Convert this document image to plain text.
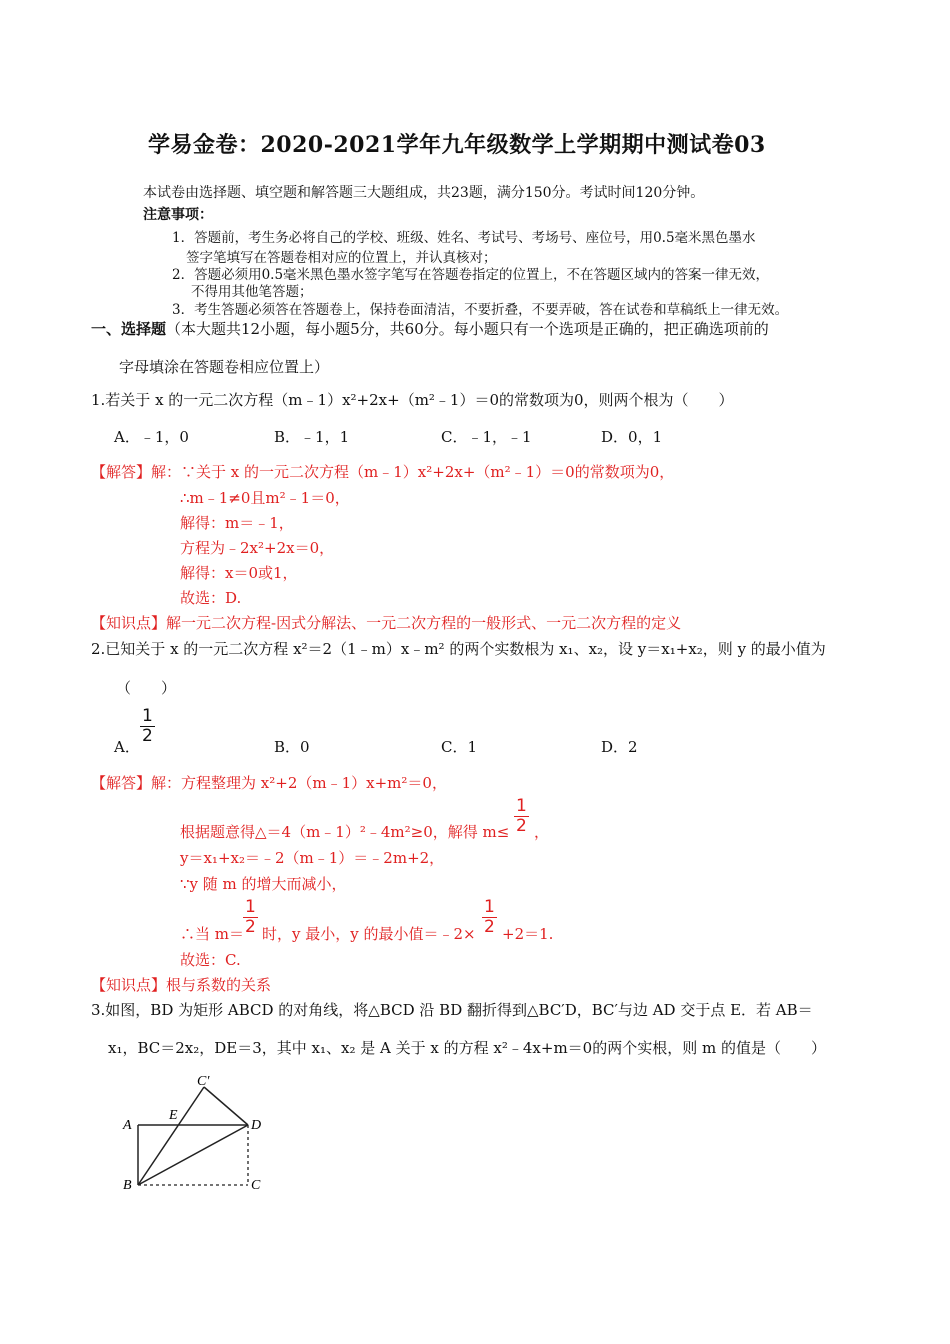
学易金卷：2020-2021学年九年级数学上学期期中测试卷03
本试卷由选择题、填空题和解答题三大题组成，共23题，满分150分。考试时间120分钟。
注意事项：
1．答题前，考生务必将自己的学校、班级、姓名、考试号、考场号、座位号，用0.5毫米黑色墨水
签字笔填写在答题卷相对应的位置上，并认真核对；
2．答题必须用0.5毫米黑色墨水签字笔写在答题卷指定的位置上，不在答题区域内的答案一律无效，
不得用其他笔答题；
3．考生答题必须答在答题卷上，保持卷面清洁，不要折叠，不要弄破，答在试卷和草稿纸上一律无效。
一、选择题（本大题共12小题，每小题5分，共60分。每小题只有一个选项是正确的，把正确选项前的
字母填涂在答题卷相应位置上）
1.若关于 x 的一元二次方程（m﹣1）x²+2x+（m²﹣1）＝0的常数项为0，则两个根为（　　）
A．﹣1，0	B．﹣1，1	C．﹣1，﹣1	D．0，1
【解答】解：∵关于 x 的一元二次方程（m﹣1）x²+2x+（m²﹣1）＝0的常数项为0，
∴m﹣1≠0且m²﹣1＝0，
解得：m＝﹣1，
方程为﹣2x²+2x＝0，
解得：x＝0或1，
故选：D.
【知识点】解一元二次方程-因式分解法、一元二次方程的一般形式、一元二次方程的定义
2.已知关于 x 的一元二次方程 x²＝2（1﹣m）x﹣m² 的两个实数根为 x₁、x₂，设 y＝x₁+x₂，则 y 的最小值为
（　　）
A．
$\frac{1}{2}$
B．0	C．1	D．2
【解答】解：方程整理为 x²+2（m﹣1）x+m²＝0，
根据题意得△＝4（m﹣1）²﹣4m²≥0，解得 $m\le \frac{1}{2}$ ，
y＝x₁+x₂＝﹣2（m﹣1）＝﹣2m+2，
∵y 随 m 的增大而减小，
∴当 $m= \frac{1}{2}$ 时，y 最小，y 的最小值＝﹣2× $\frac{1}{2} +2=1$.
故选：C.
【知识点】根与系数的关系
3.如图，BD 为矩形 ABCD 的对角线，将△BCD 沿 BD 翻折得到△BC′D，BC′与边 AD 交于点 E．若 AB＝
x₁，BC＝2x₂，DE＝3，其中 x₁、x₂ 是 A 关于 x 的方程 x²﹣4x+m＝0的两个实根，则 m 的值是（　　）
A
B	C
D
E
C′
